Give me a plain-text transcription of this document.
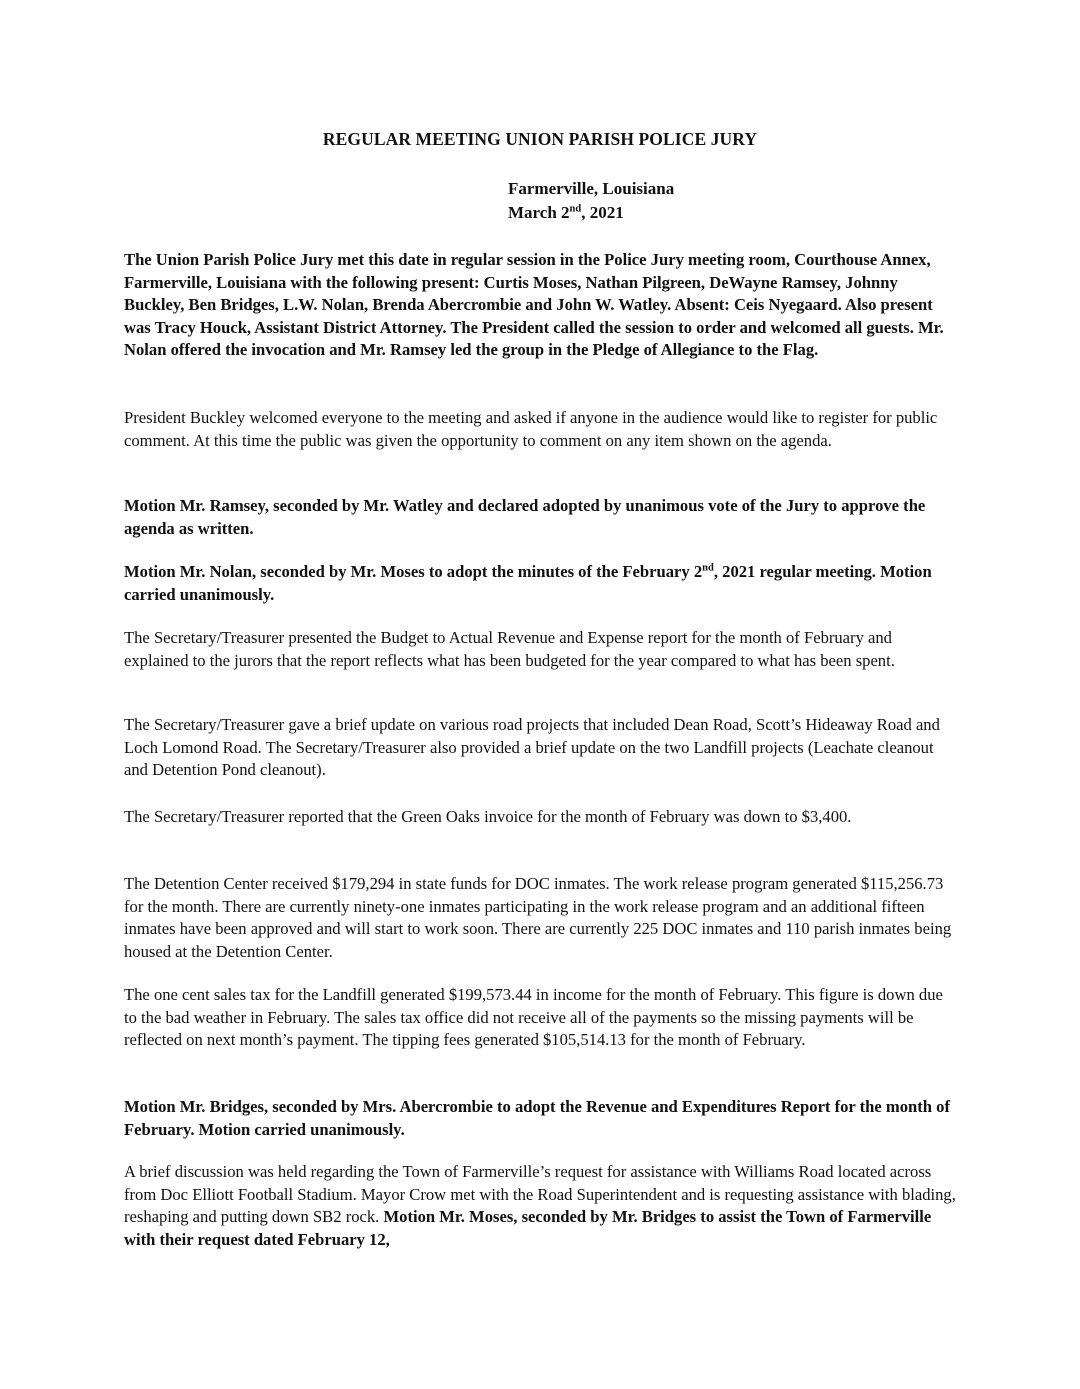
REGULAR MEETING UNION PARISH POLICE JURY
Farmerville, Louisiana
March 2nd, 2021

The Union Parish Police Jury met this date in regular session in the Police Jury meeting room, Courthouse Annex, Farmerville, Louisiana with the following present: Curtis Moses, Nathan Pilgreen, DeWayne Ramsey, Johnny Buckley, Ben Bridges, L.W. Nolan, Brenda Abercrombie and John W. Watley. Absent: Ceis Nyegaard. Also present was Tracy Houck, Assistant District Attorney. The President called the session to order and welcomed all guests. Mr. Nolan offered the invocation and Mr. Ramsey led the group in the Pledge of Allegiance to the Flag.

President Buckley welcomed everyone to the meeting and asked if anyone in the audience would like to register for public comment. At this time the public was given the opportunity to comment on any item shown on the agenda.

Motion Mr. Ramsey, seconded by Mr. Watley and declared adopted by unanimous vote of the Jury to approve the agenda as written.

Motion Mr. Nolan, seconded by Mr. Moses to adopt the minutes of the February 2nd, 2021 regular meeting. Motion carried unanimously.

The Secretary/Treasurer presented the Budget to Actual Revenue and Expense report for the month of February and explained to the jurors that the report reflects what has been budgeted for the year compared to what has been spent.

The Secretary/Treasurer gave a brief update on various road projects that included Dean Road, Scott’s Hideaway Road and Loch Lomond Road. The Secretary/Treasurer also provided a brief update on the two Landfill projects (Leachate cleanout and Detention Pond cleanout).

The Secretary/Treasurer reported that the Green Oaks invoice for the month of February was down to $3,400.

The Detention Center received $179,294 in state funds for DOC inmates. The work release program generated $115,256.73 for the month. There are currently ninety-one inmates participating in the work release program and an additional fifteen inmates have been approved and will start to work soon. There are currently 225 DOC inmates and 110 parish inmates being housed at the Detention Center.

The one cent sales tax for the Landfill generated $199,573.44 in income for the month of February. This figure is down due to the bad weather in February. The sales tax office did not receive all of the payments so the missing payments will be reflected on next month’s payment. The tipping fees generated $105,514.13 for the month of February.

Motion Mr. Bridges, seconded by Mrs. Abercrombie to adopt the Revenue and Expenditures Report for the month of February. Motion carried unanimously.

A brief discussion was held regarding the Town of Farmerville’s request for assistance with Williams Road located across from Doc Elliott Football Stadium. Mayor Crow met with the Road Superintendent and is requesting assistance with blading, reshaping and putting down SB2 rock. Motion Mr. Moses, seconded by Mr. Bridges to assist the Town of Farmerville with their request dated February 12,
